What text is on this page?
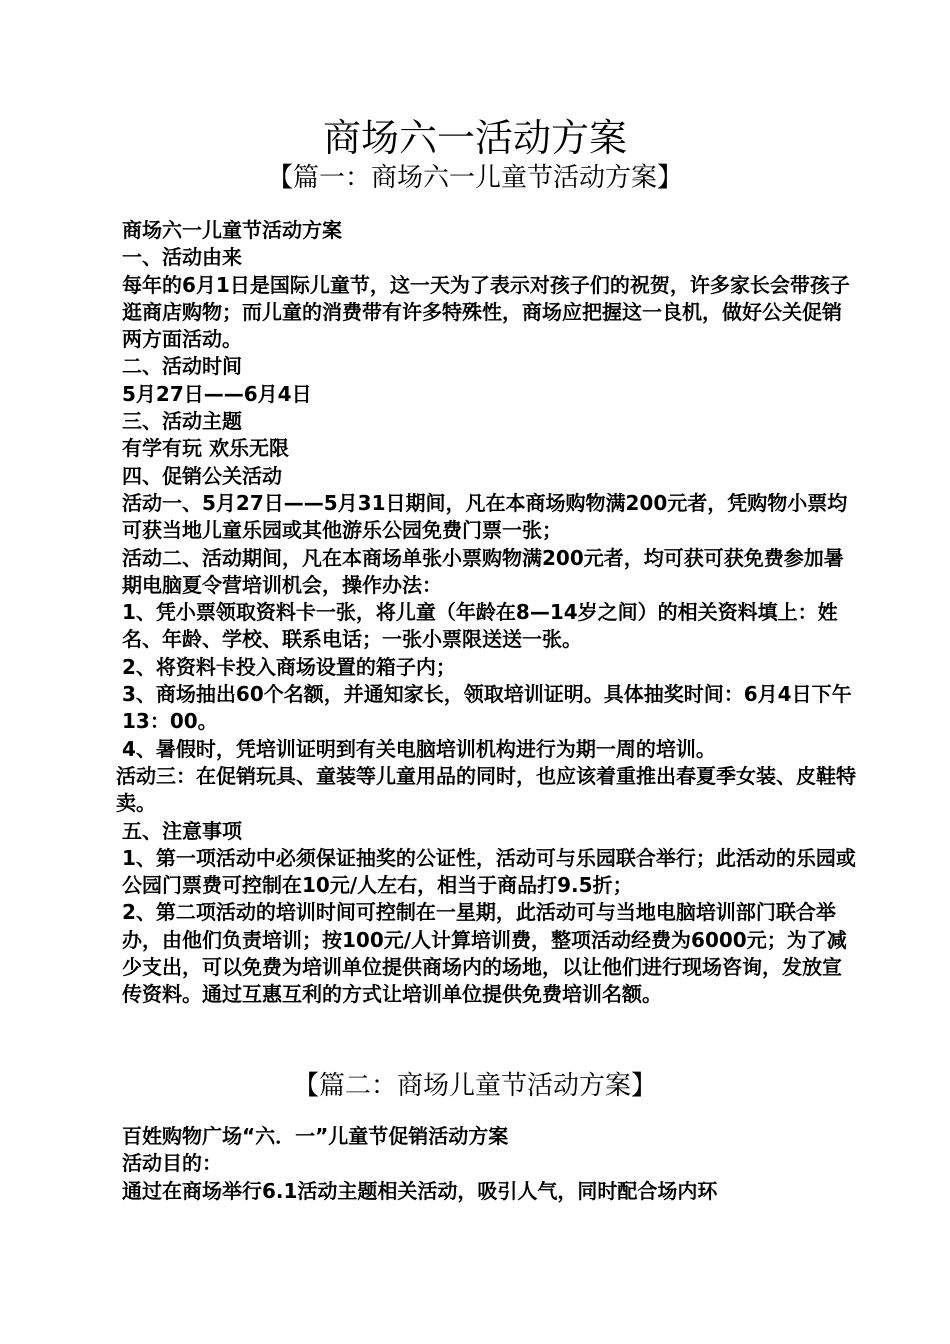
商场六一活动方案
【篇一：商场六一儿童节活动方案】

商场六一儿童节活动方案

一、活动由来

每年的6月1日是国际儿童节，这一天为了表示对孩子们的祝贺，许多家长会带孩子逛商店购物；而儿童的消费带有许多特殊性，商场应把握这一良机，做好公关促销两方面活动。

二、活动时间

5月27日——6月4日

三、活动主题

有学有玩 欢乐无限

四、促销公关活动

活动一、5月27日——5月31日期间，凡在本商场购物满200元者，凭购物小票均可获当地儿童乐园或其他游乐公园免费门票一张；

活动二、活动期间，凡在本商场单张小票购物满200元者，均可获可获免费参加暑期电脑夏令营培训机会，操作办法：

1、凭小票领取资料卡一张，将儿童（年龄在8—14岁之间）的相关资料填上：姓名、年龄、学校、联系电话；一张小票限送送一张。

2、将资料卡投入商场设置的箱子内；

3、商场抽出60个名额，并通知家长，领取培训证明。具体抽奖时间：6月4日下午13：00。

4、暑假时，凭培训证明到有关电脑培训机构进行为期一周的培训。

活动三：在促销玩具、童装等儿童用品的同时，也应该着重推出春夏季女装、皮鞋特卖。

五、注意事项

1、第一项活动中必须保证抽奖的公证性，活动可与乐园联合举行；此活动的乐园或公园门票费可控制在10元/人左右，相当于商品打9.5折；

2、第二项活动的培训时间可控制在一星期，此活动可与当地电脑培训部门联合举办，由他们负责培训；按100元/人计算培训费，整项活动经费为6000元；为了减少支出，可以免费为培训单位提供商场内的场地，以让他们进行现场咨询，发放宣传资料。通过互惠互利的方式让培训单位提供免费培训名额。

【篇二：商场儿童节活动方案】

百姓购物广场“六．一”儿童节促销活动方案

活动目的：

通过在商场举行6.1活动主题相关活动，吸引人气，同时配合场内环
